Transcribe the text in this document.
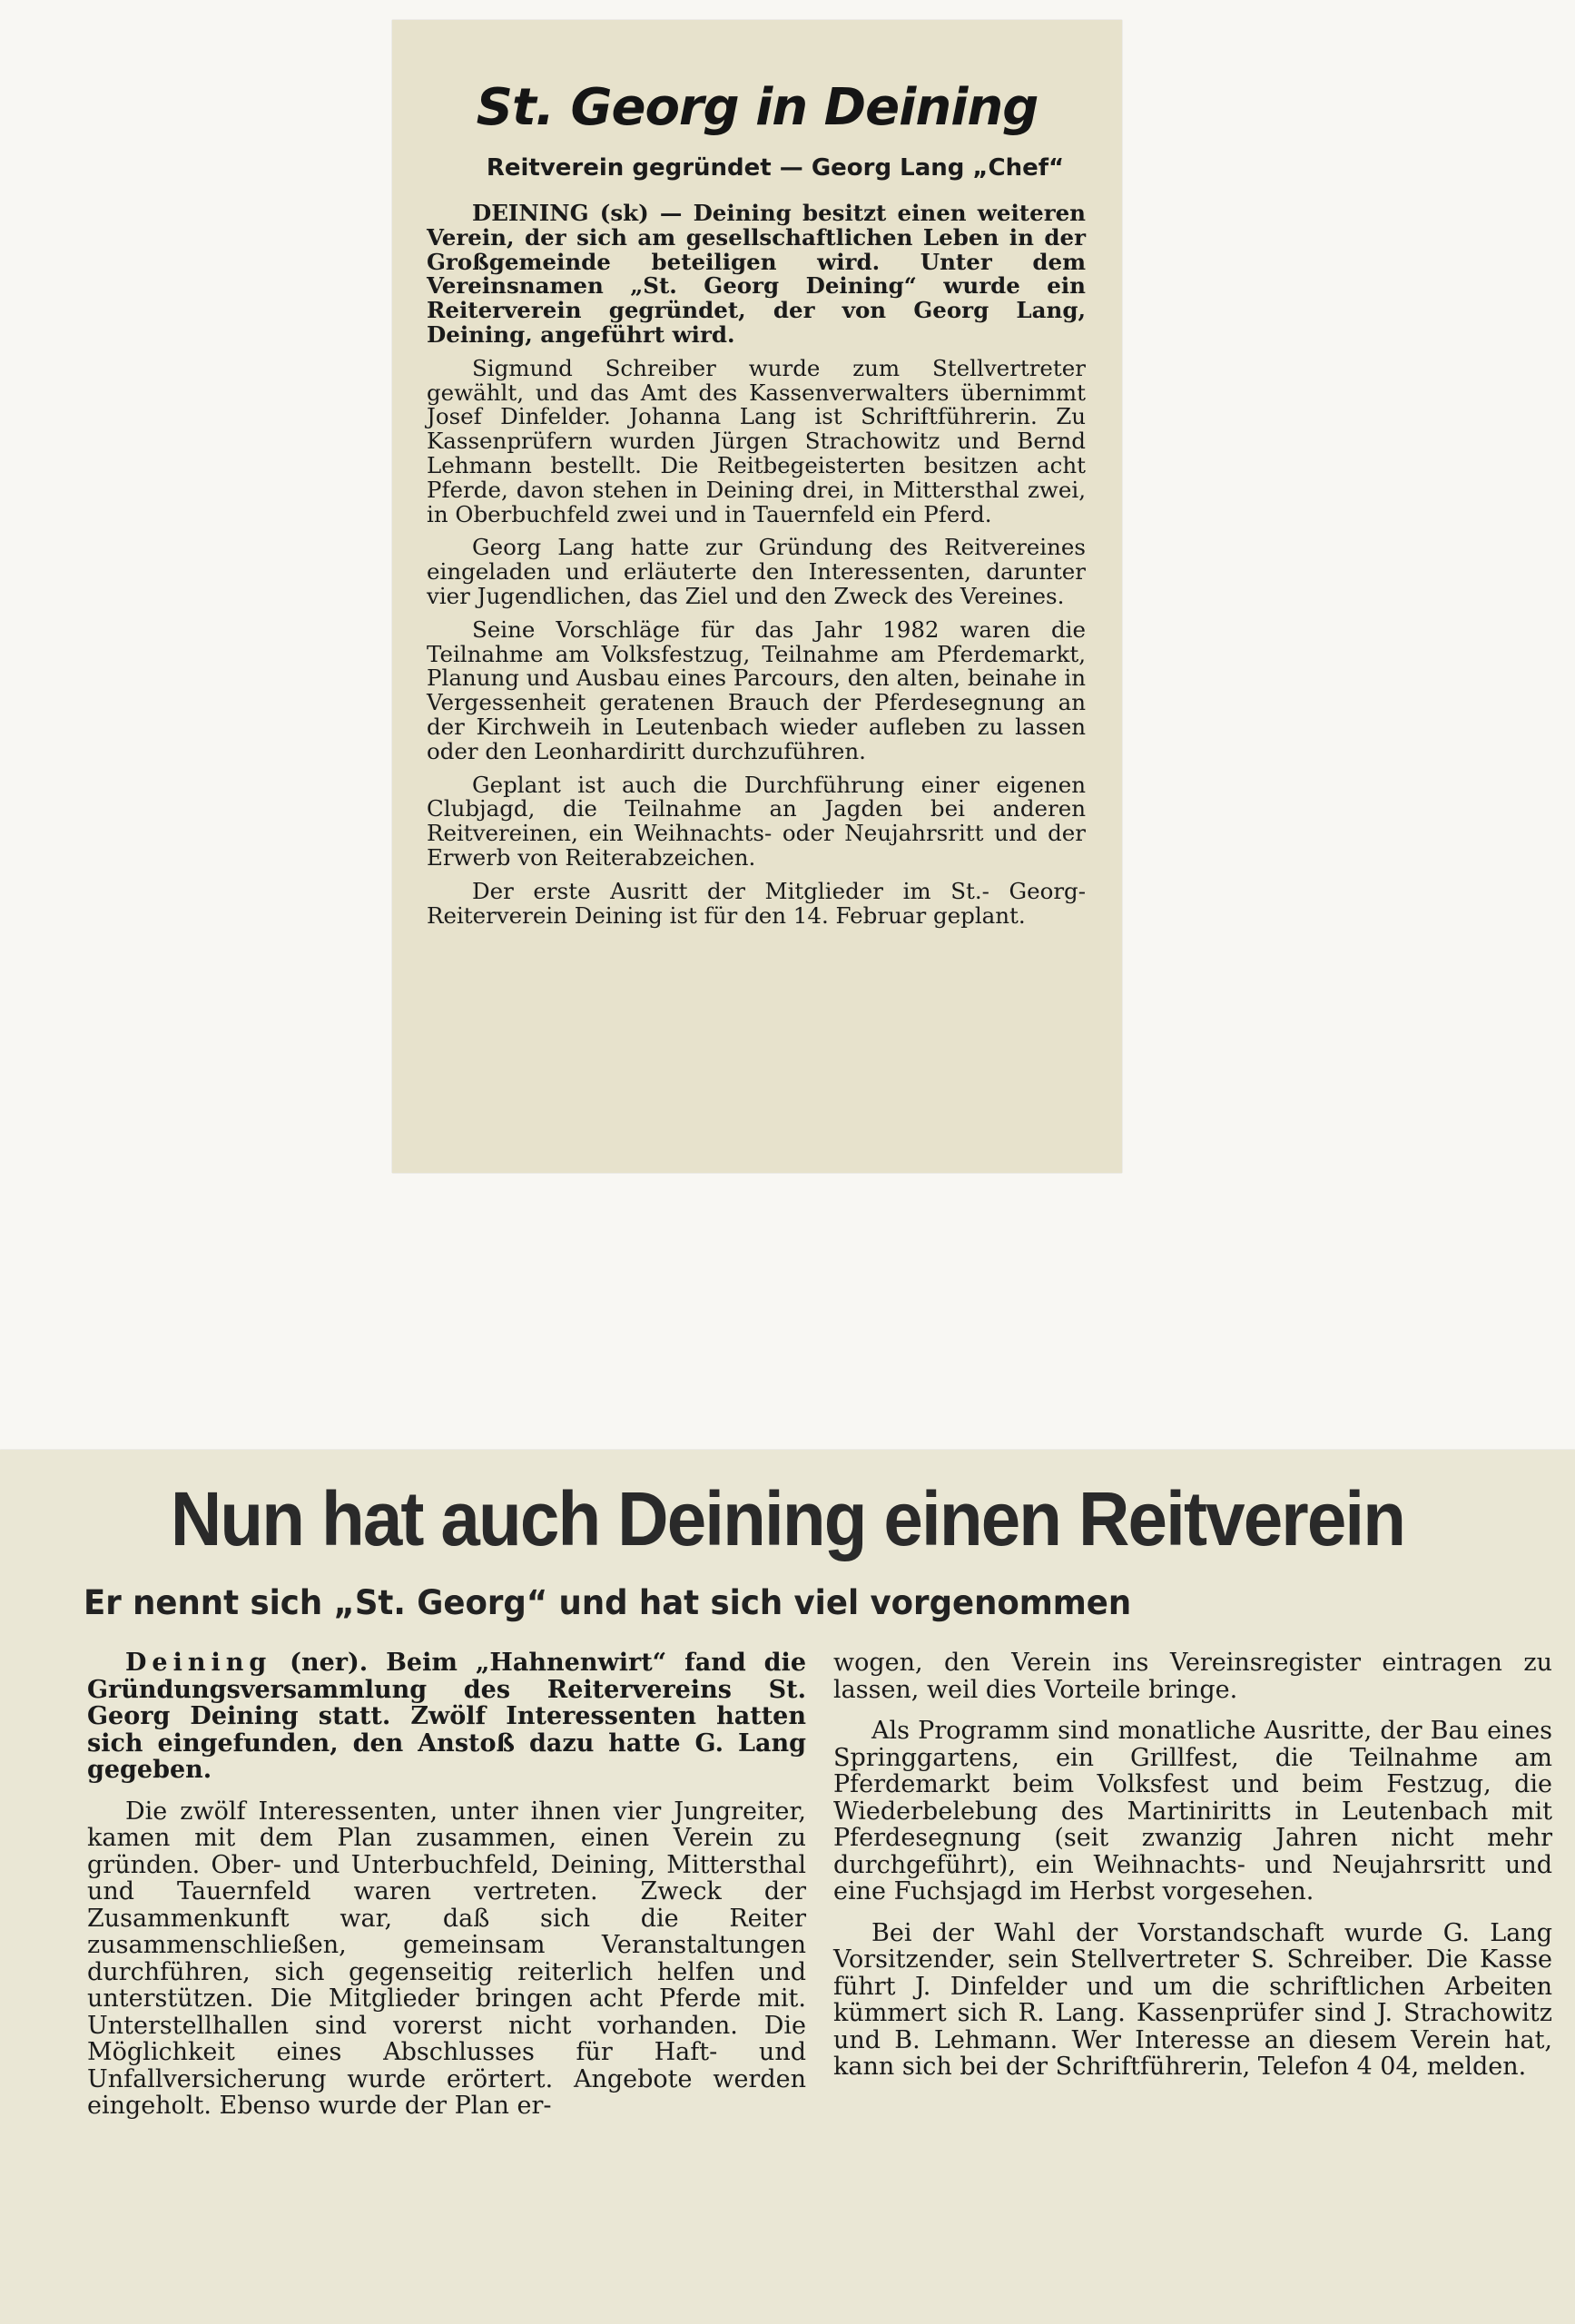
St. Georg in Deining
Reitverein gegründet — Georg Lang „Chef“

DEINING (sk) — Deining besitzt einen weiteren Verein, der sich am gesellschaftlichen Leben in der Großgemeinde beteiligen wird. Unter dem Vereinsnamen „St. Georg Deining“ wurde ein Reiterverein gegründet, der von Georg Lang, Deining, angeführt wird.

Sigmund Schreiber wurde zum Stellvertreter gewählt, und das Amt des Kassenverwalters übernimmt Josef Dinfelder. Johanna Lang ist Schriftführerin. Zu Kassenprüfern wurden Jürgen Strachowitz und Bernd Lehmann bestellt. Die Reitbegeisterten besitzen acht Pferde, davon stehen in Deining drei, in Mittersthal zwei, in Oberbuchfeld zwei und in Tauernfeld ein Pferd.

Georg Lang hatte zur Gründung des Reitvereines eingeladen und erläuterte den Interessenten, darunter vier Jugendlichen, das Ziel und den Zweck des Vereines.

Seine Vorschläge für das Jahr 1982 waren die Teilnahme am Volksfestzug, Teilnahme am Pferdemarkt, Planung und Ausbau eines Parcours, den alten, beinahe in Vergessenheit geratenen Brauch der Pferdesegnung an der Kirchweih in Leutenbach wieder aufleben zu lassen oder den Leonhardiritt durchzuführen.

Geplant ist auch die Durchführung einer eigenen Clubjagd, die Teilnahme an Jagden bei anderen Reitvereinen, ein Weihnachts- oder Neujahrsritt und der Erwerb von Reiterabzeichen.

Der erste Ausritt der Mitglieder im St.- Georg-Reiterverein Deining ist für den 14. Februar geplant.

Nun hat auch Deining einen Reitverein
Er nennt sich „St. Georg“ und hat sich viel vorgenommen

Deining (ner). Beim „Hahnenwirt“ fand die Gründungsversammlung des Reitervereins St. Georg Deining statt. Zwölf Interessenten hatten sich eingefunden, den Anstoß dazu hatte G. Lang gegeben.

Die zwölf Interessenten, unter ihnen vier Jungreiter, kamen mit dem Plan zusammen, einen Verein zu gründen. Ober- und Unterbuchfeld, Deining, Mittersthal und Tauernfeld waren vertreten. Zweck der Zusammenkunft war, daß sich die Reiter zusammenschließen, gemeinsam Veranstaltungen durchführen, sich gegenseitig reiterlich helfen und unterstützen. Die Mitglieder bringen acht Pferde mit. Unterstellhallen sind vorerst nicht vorhanden. Die Möglichkeit eines Abschlusses für Haft- und Unfallversicherung wurde erörtert. Angebote werden eingeholt. Ebenso wurde der Plan er-

wogen, den Verein ins Vereinsregister eintragen zu lassen, weil dies Vorteile bringe.

Als Programm sind monatliche Ausritte, der Bau eines Springgartens, ein Grillfest, die Teilnahme am Pferdemarkt beim Volksfest und beim Festzug, die Wiederbelebung des Martiniritts in Leutenbach mit Pferdesegnung (seit zwanzig Jahren nicht mehr durchgeführt), ein Weihnachts- und Neujahrsritt und eine Fuchsjagd im Herbst vorgesehen.

Bei der Wahl der Vorstandschaft wurde G. Lang Vorsitzender, sein Stellvertreter S. Schreiber. Die Kasse führt J. Dinfelder und um die schriftlichen Arbeiten kümmert sich R. Lang. Kassenprüfer sind J. Strachowitz und B. Lehmann. Wer Interesse an diesem Verein hat, kann sich bei der Schriftführerin, Telefon 4 04, melden.
